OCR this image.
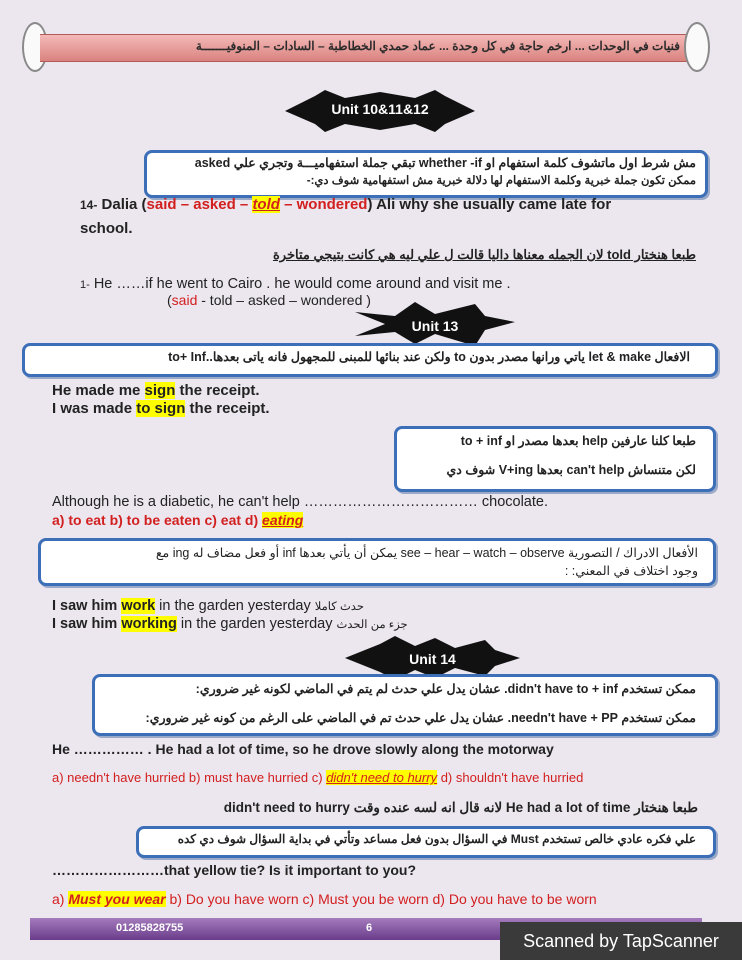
فنيات في الوحدات ... ارخم حاجة في كل وحدة ... عماد حمدي الخطاطبة – السادات – المنوفيـــــــة
Unit 10&11&12
مش شرط اول ماتشوف كلمة استفهام او whether -if تبقي جملة استفهاميـــة وتجري علي asked
ممكن تكون جملة خبرية وكلمة الاستفهام لها دلالة خبرية مش استفهامية شوف دي:-
14- Dalia (said – asked – told – wondered) Ali why she usually came late for
school.
طبعا هنختار told لان الجمله معناها داليا قالت ل علي ليه هي كانت بتيجي متاخرة
1- He ……if he went to Cairo . he would come around and visit me .
(said - told – asked – wondered )
Unit 13
الافعال let & make ياتي ورانها مصدر بدون to ولكن عند بنائها للمبنى للمجهول فانه ياتى بعدها..to+ Inf
He made me sign the receipt.
I was made to sign the receipt.
طبعا كلنا عارفين help بعدها مصدر او to + inf
لكن متنساش can't help بعدها V+ing شوف دي
Although he is a diabetic, he can't help ……………………………… chocolate.
a) to eat b) to be eaten c) eat d) eating
الأفعال الادراك / التصورية see – hear – watch – observe يمكن أن يأتي بعدها inf أو فعل مضاف له ing مع
وجود اختلاف في المعني: :
I saw him work in the garden yesterday حدث كاملا
I saw him working in the garden yesterday جزء من الحدث
Unit 14
ممكن تستخدم didn't have to + inf. عشان يدل علي حدث لم يتم في الماضي لكونه غير ضروري:
ممكن تستخدم needn't have + PP. عشان يدل علي حدث تم في الماضي على الرغم من كونه غير ضروري:
He …………… . He had a lot of time, so he drove slowly along the motorway
a) needn't have hurried b) must have hurried c) didn't need to hurry d) shouldn't have hurried
طبعا هنختار He had a lot of time لانه قال انه لسه عنده وقت didn't need to hurry
علي فكره عادي خالص تستخدم Must في السؤال بدون فعل مساعد وتأتي في بداية السؤال شوف دي كده
……………………that yellow tie? Is it important to you?
a) Must you wear b) Do you have worn c) Must you be worn d) Do you have to be worn
01285828755	6
Scanned by TapScanner
